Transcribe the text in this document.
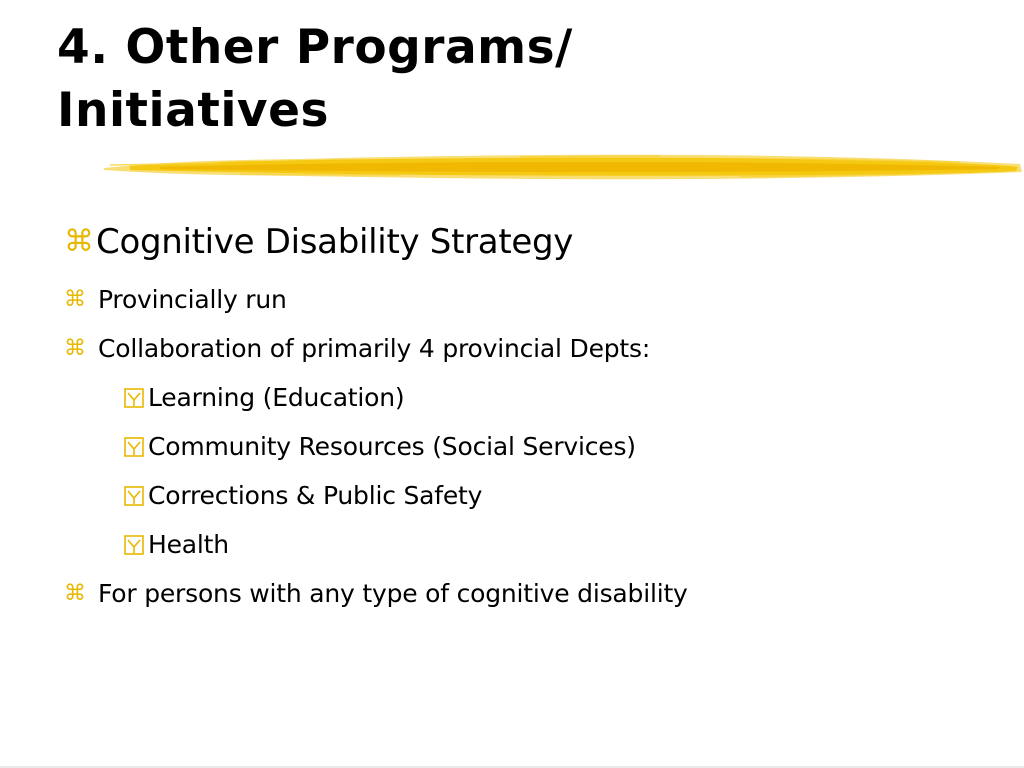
4. Other Programs/
Initiatives
⌘ Cognitive Disability Strategy
⌘ Provincially run
⌘ Collaboration of primarily 4 provincial Depts:
Learning (Education)
Community Resources (Social Services)
Corrections & Public Safety
Health
⌘ For persons with any type of cognitive disability
